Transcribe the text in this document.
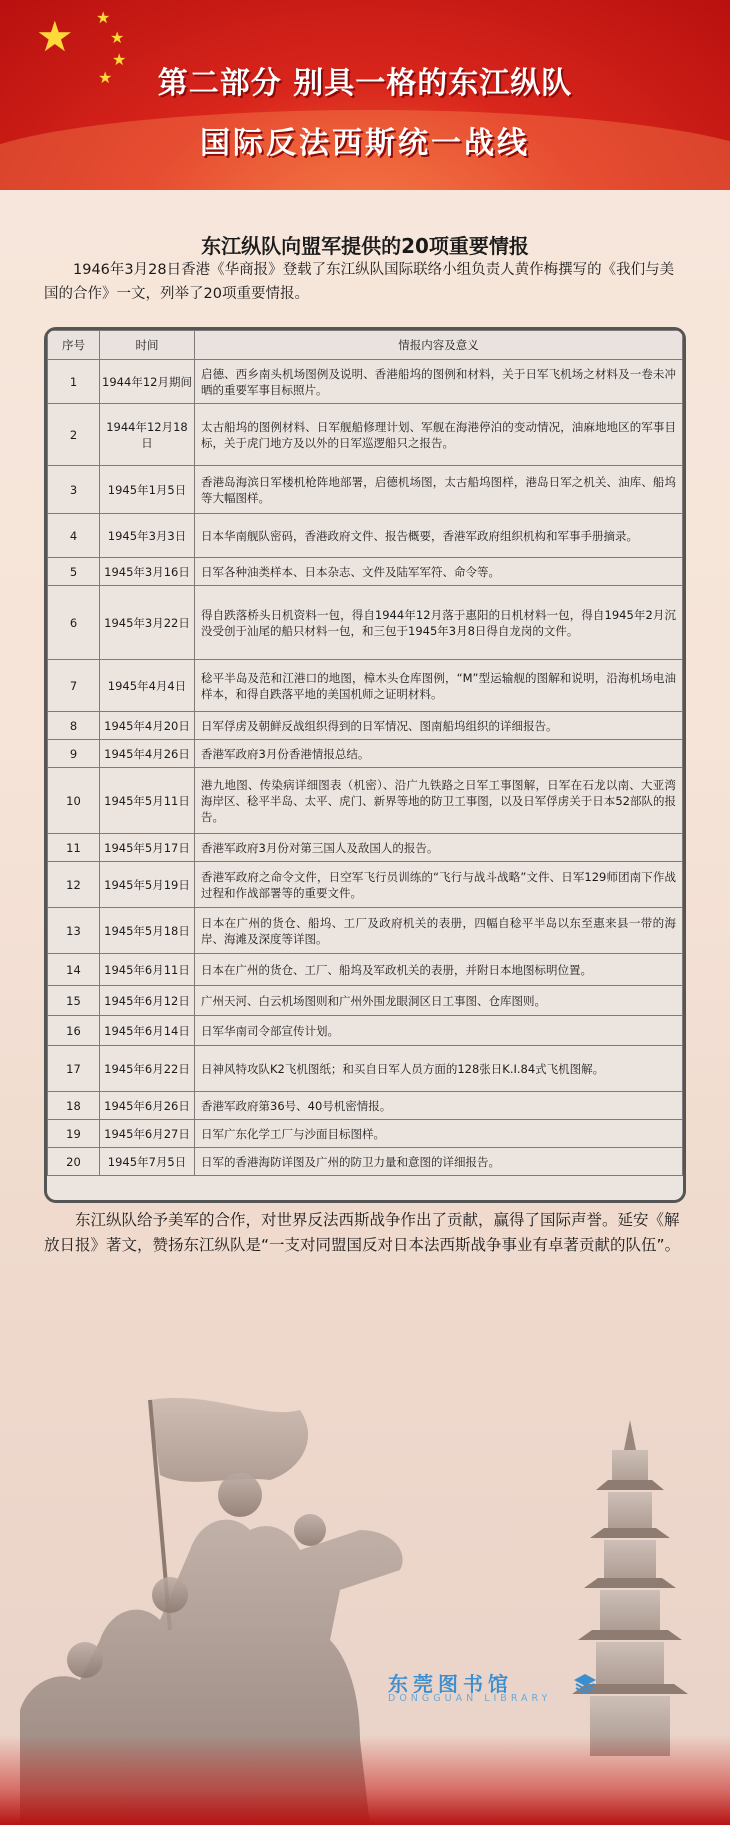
★ ★
★
★
★	第二部分 别具一格的东江纵队
国际反法西斯统一战线
东江纵队向盟军提供的20项重要情报
1946年3月28日香港《华商报》登载了东江纵队国际联络小组负责人黄作梅撰写的《我们与美国的合作》一文，列举了20项重要情报。
序号	时间	情报内容及意义
1	1944年12月期间	启德、西乡南头机场图例及说明、香港船坞的图例和材料，关于日军飞机场之材料及一卷未冲晒的重要军事目标照片。
2	1944年12月18日	太古船坞的图例材料、日军舰船修理计划、军舰在海港停泊的变动情况，油麻地地区的军事目标，关于虎门地方及以外的日军巡逻船只之报告。
3	1945年1月5日	香港岛海滨日军楼机枪阵地部署，启德机场图，太古船坞图样，港岛日军之机关、油库、船坞等大幅图样。
4	1945年3月3日	日本华南舰队密码，香港政府文件、报告概要，香港军政府组织机构和军事手册摘录。
5	1945年3月16日	日军各种油类样本、日本杂志、文件及陆军军符、命令等。
6	1945年3月22日	得自跌落桥头日机资料一包，得自1944年12月落于惠阳的日机材料一包，得自1945年2月沉没受创于汕尾的船只材料一包，和三包于1945年3月8日得自龙岗的文件。
7	1945年4月4日	稔平半岛及范和江港口的地图，樟木头仓库图例，“M”型运输舰的图解和说明，沿海机场电油样本，和得自跌落平地的美国机师之证明材料。
8	1945年4月20日	日军俘虏及朝鲜反战组织得到的日军情况、图南船坞组织的详细报告。
9	1945年4月26日	香港军政府3月份香港情报总结。
10	1945年5月11日	港九地图、传染病详细图表（机密）、沿广九铁路之日军工事图解，日军在石龙以南、大亚湾海岸区、稔平半岛、太平、虎门、新界等地的防卫工事图，以及日军俘虏关于日本52部队的报告。
11	1945年5月17日	香港军政府3月份对第三国人及敌国人的报告。
12	1945年5月19日	香港军政府之命令文件，日空军飞行员训练的“飞行与战斗战略”文件、日军129师团南下作战过程和作战部署等的重要文件。
13	1945年5月18日	日本在广州的货仓、船坞、工厂及政府机关的表册，四幅自稔平半岛以东至惠来县一带的海岸、海滩及深度等详图。
14	1945年6月11日	日本在广州的货仓、工厂、船坞及军政机关的表册，并附日本地图标明位置。
15	1945年6月12日	广州天河、白云机场图则和广州外围龙眼洞区日工事图、仓库图则。
16	1945年6月14日	日军华南司令部宣传计划。
17	1945年6月22日	日神风特攻队K2飞机图纸；和买自日军人员方面的128张日K.I.84式飞机图解。
18	1945年6月26日	香港军政府第36号、40号机密情报。
19	1945年6月27日	日军广东化学工厂与沙面目标图样。
20	1945年7月5日	日军的香港海防详图及广州的防卫力量和意图的详细报告。
东江纵队给予美军的合作，对世界反法西斯战争作出了贡献，赢得了国际声誉。延安《解放日报》著文，赞扬东江纵队是“一支对同盟国反对日本法西斯战争事业有卓著贡献的队伍”。
东莞图书馆
DONGGUAN LIBRARY
